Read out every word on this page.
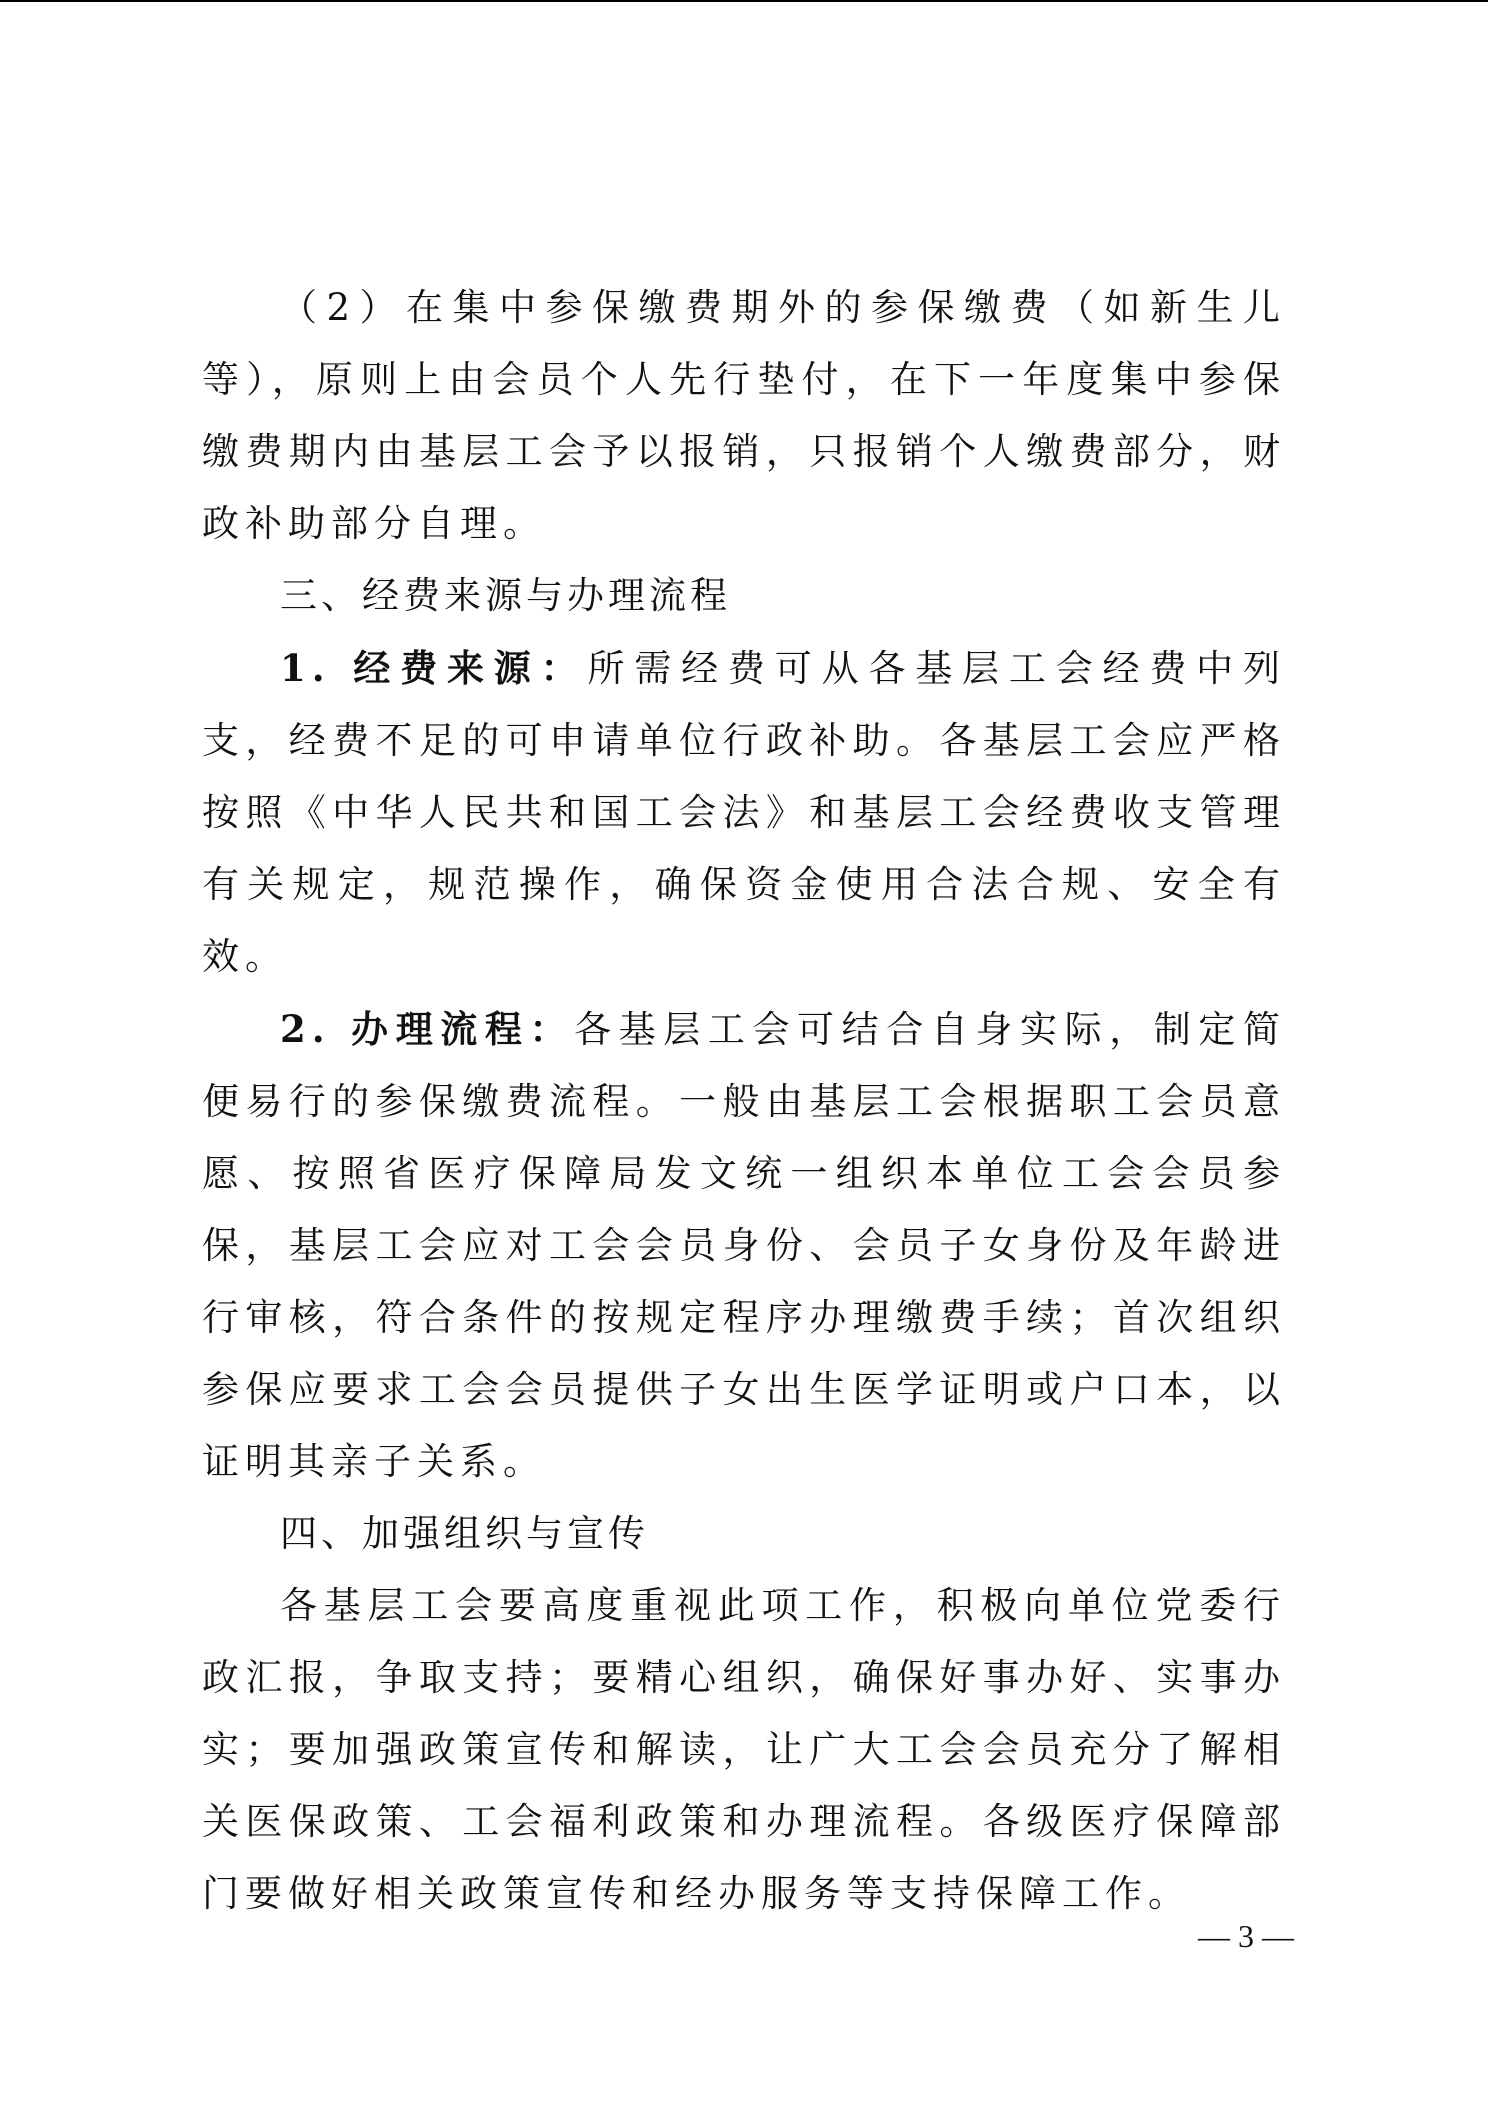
（2）在集中参保缴费期外的参保缴费（如新生儿等），原则上由会员个人先行垫付，在下一年度集中参保缴费期内由基层工会予以报销，只报销个人缴费部分，财政补助部分自理。

三、经费来源与办理流程

1. 经费来源：所需经费可从各基层工会经费中列支，经费不足的可申请单位行政补助。各基层工会应严格按照《中华人民共和国工会法》和基层工会经费收支管理有关规定，规范操作，确保资金使用合法合规、安全有效。

2. 办理流程：各基层工会可结合自身实际，制定简便易行的参保缴费流程。一般由基层工会根据职工会员意愿、按照省医疗保障局发文统一组织本单位工会会员参保，基层工会应对工会会员身份、会员子女身份及年龄进行审核，符合条件的按规定程序办理缴费手续；首次组织参保应要求工会会员提供子女出生医学证明或户口本，以证明其亲子关系。

四、加强组织与宣传

各基层工会要高度重视此项工作，积极向单位党委行政汇报，争取支持；要精心组织，确保好事办好、实事办实；要加强政策宣传和解读，让广大工会会员充分了解相关医保政策、工会福利政策和办理流程。各级医疗保障部门要做好相关政策宣传和经办服务等支持保障工作。

— 3 —
